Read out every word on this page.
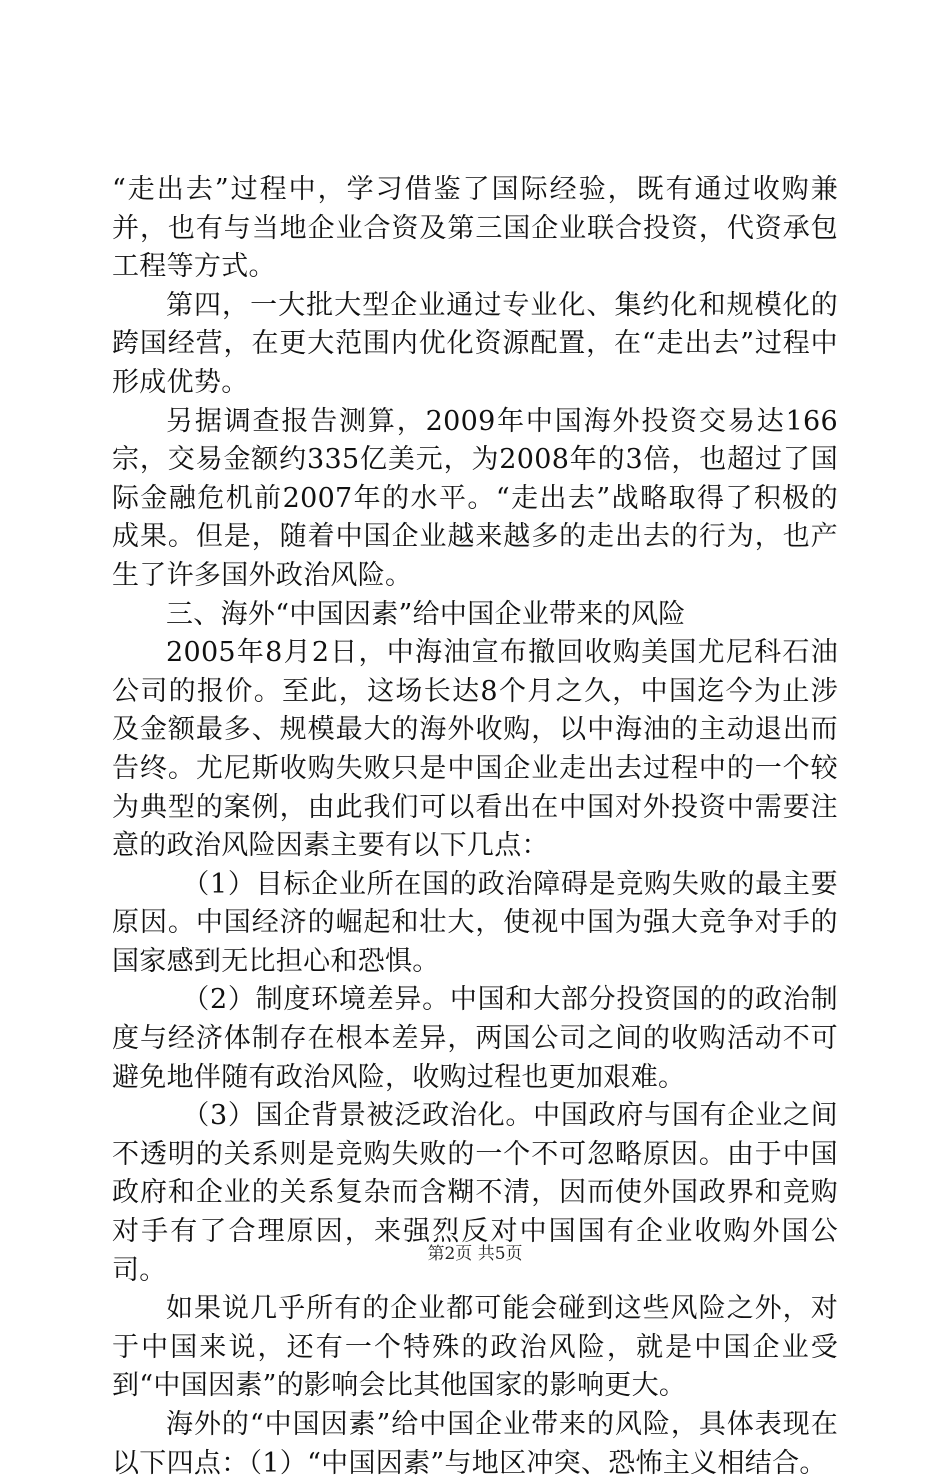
“走出去”过程中，学习借鉴了国际经验，既有通过收购兼并，也有与当地企业合资及第三国企业联合投资，代资承包工程等方式。

第四，一大批大型企业通过专业化、集约化和规模化的跨国经营，在更大范围内优化资源配置，在“走出去”过程中形成优势。

另据调查报告测算，2009年中国海外投资交易达166宗，交易金额约335亿美元，为2008年的3倍，也超过了国际金融危机前2007年的水平。“走出去”战略取得了积极的成果。但是，随着中国企业越来越多的走出去的行为，也产生了许多国外政治风险。

三、海外“中国因素”给中国企业带来的风险

2005年8月2日，中海油宣布撤回收购美国尤尼科石油公司的报价。至此，这场长达8个月之久，中国迄今为止涉及金额最多、规模最大的海外收购，以中海油的主动退出而告终。尤尼斯收购失败只是中国企业走出去过程中的一个较为典型的案例，由此我们可以看出在中国对外投资中需要注意的政治风险因素主要有以下几点：

（1）目标企业所在国的政治障碍是竞购失败的最主要原因。中国经济的崛起和壮大，使视中国为强大竞争对手的国家感到无比担心和恐惧。

（2）制度环境差异。中国和大部分投资国的的政治制度与经济体制存在根本差异，两国公司之间的收购活动不可避免地伴随有政治风险，收购过程也更加艰难。

（3）国企背景被泛政治化。中国政府与国有企业之间不透明的关系则是竞购失败的一个不可忽略原因。由于中国政府和企业的关系复杂而含糊不清，因而使外国政界和竞购对手有了合理原因，来强烈反对中国国有企业收购外国公司。

如果说几乎所有的企业都可能会碰到这些风险之外，对于中国来说，还有一个特殊的政治风险，就是中国企业受到“中国因素”的影响会比其他国家的影响更大。

海外的“中国因素”给中国企业带来的风险，具体表现在以下四点：（1）“中国因素”与地区冲突、恐怖主义相结合。

第2页 共5页
